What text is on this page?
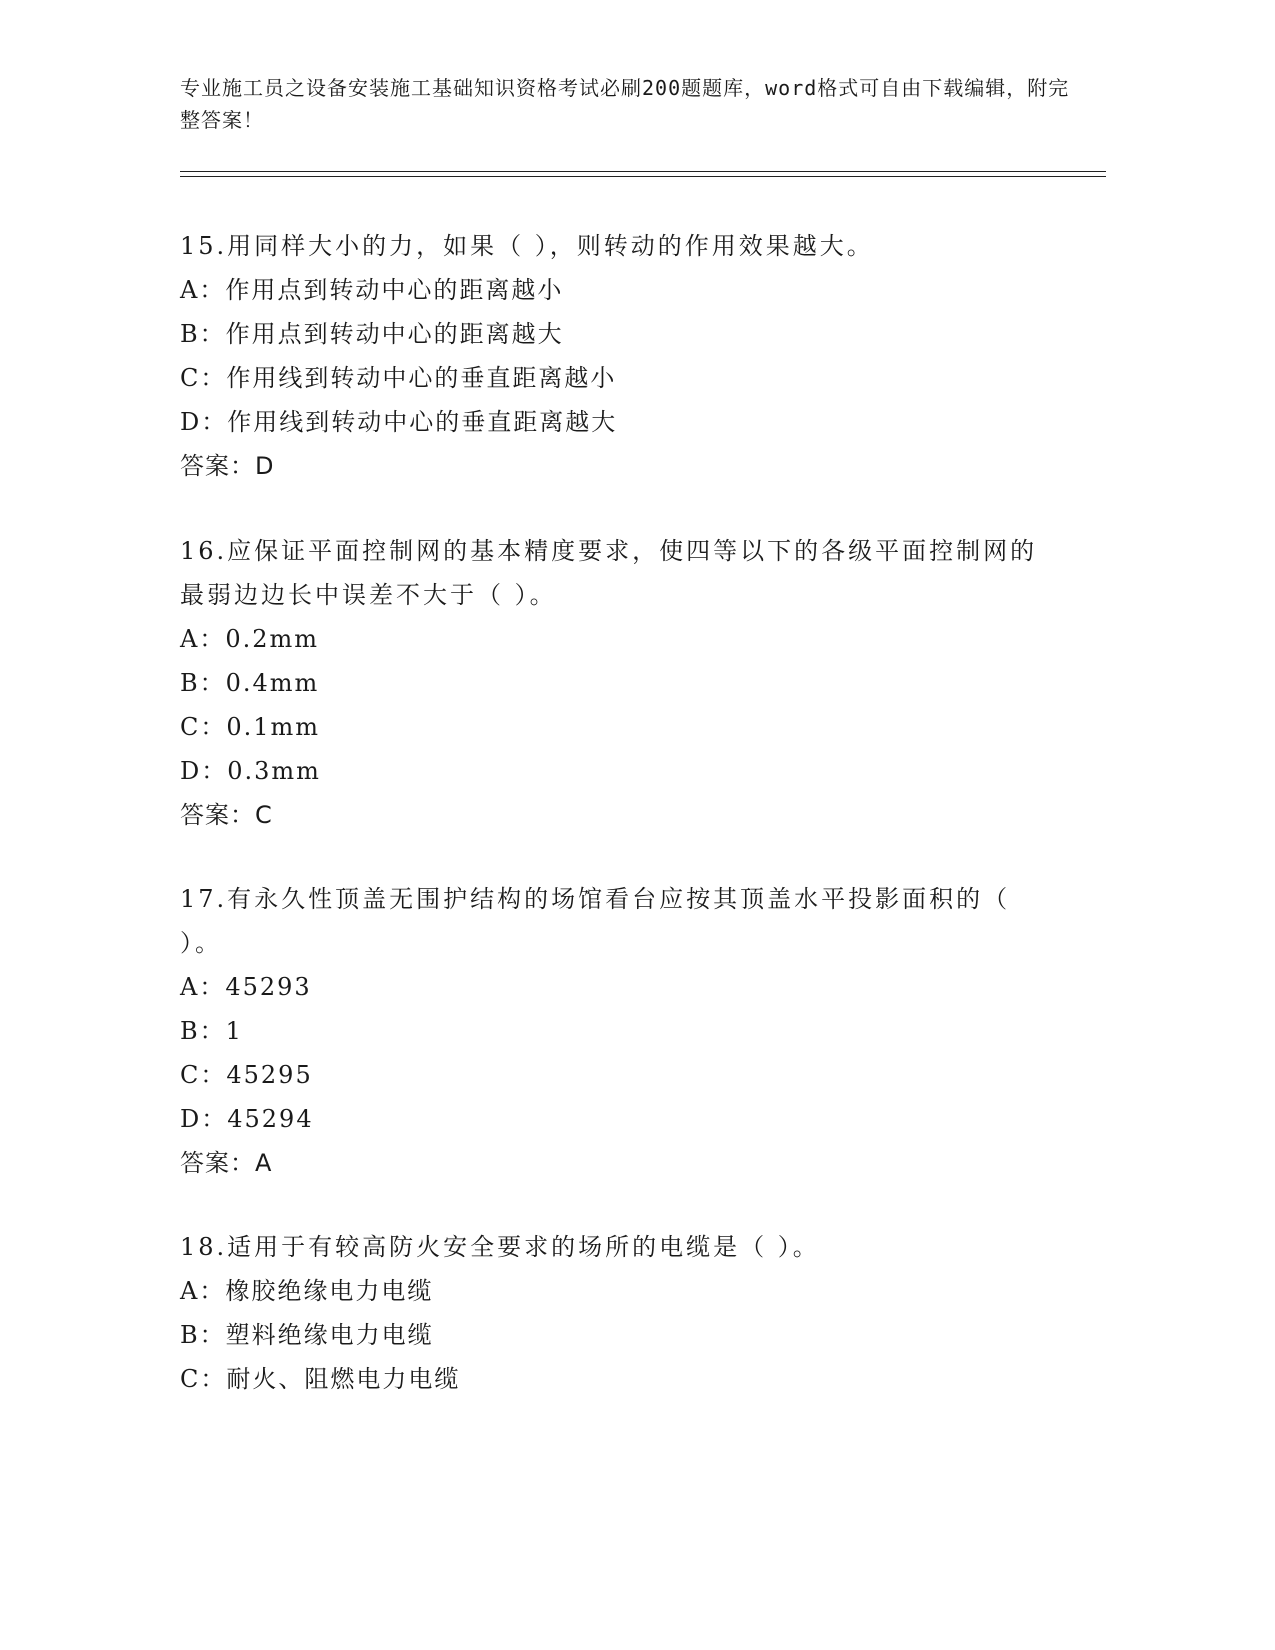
专业施工员之设备安装施工基础知识资格考试必刷200题题库，word格式可自由下载编辑，附完整答案！
15.用同样大小的力，如果（ ），则转动的作用效果越大。
A：作用点到转动中心的距离越小
B：作用点到转动中心的距离越大
C：作用线到转动中心的垂直距离越小
D：作用线到转动中心的垂直距离越大
答案：D
16.应保证平面控制网的基本精度要求，使四等以下的各级平面控制网的最弱边边长中误差不大于（ ）。
A：0.2mm
B：0.4mm
C：0.1mm
D：0.3mm
答案：C
17.有永久性顶盖无围护结构的场馆看台应按其顶盖水平投影面积的（ ）。
A：45293
B：1
C：45295
D：45294
答案：A
18.适用于有较高防火安全要求的场所的电缆是（ ）。
A：橡胶绝缘电力电缆
B：塑料绝缘电力电缆
C：耐火、阻燃电力电缆
